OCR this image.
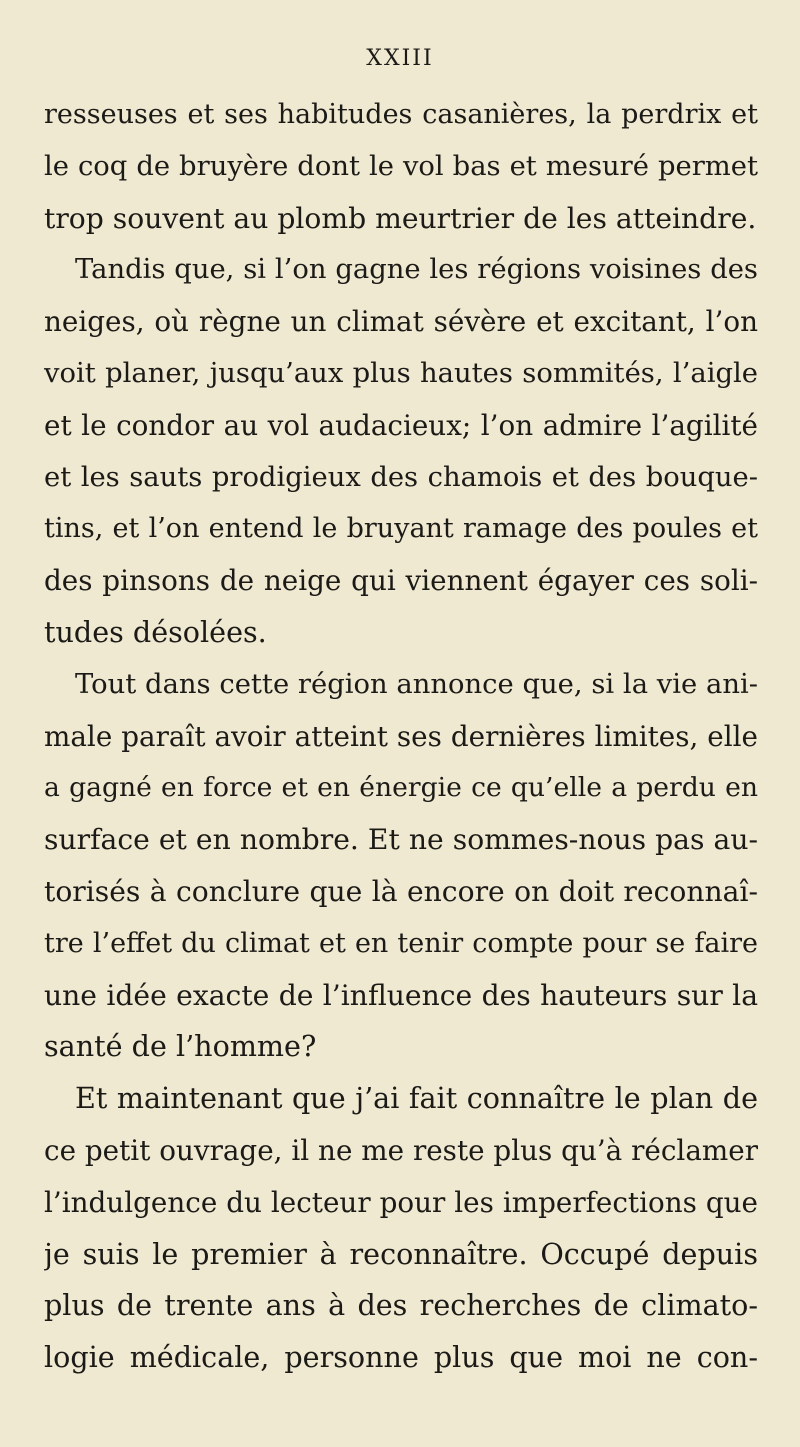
XXIII
resseuses et ses habitudes casanières, la perdrix et
le coq de bruyère dont le vol bas et mesuré permet
trop souvent au plomb meurtrier de les atteindre.
Tandis que, si l’on gagne les régions voisines des
neiges, où règne un climat sévère et excitant, l’on
voit planer, jusqu’aux plus hautes sommités, l’aigle
et le condor au vol audacieux; l’on admire l’agilité
et les sauts prodigieux des chamois et des bouque-
tins, et l’on entend le bruyant ramage des poules et
des pinsons de neige qui viennent égayer ces soli-
tudes désolées.
Tout dans cette région annonce que, si la vie ani-
male paraît avoir atteint ses dernières limites, elle
a gagné en force et en énergie ce qu’elle a perdu en
surface et en nombre. Et ne sommes-nous pas au-
torisés à conclure que là encore on doit reconnaî-
tre l’effet du climat et en tenir compte pour se faire
une idée exacte de l’influence des hauteurs sur la
santé de l’homme?
Et maintenant que j’ai fait connaître le plan de
ce petit ouvrage, il ne me reste plus qu’à réclamer
l’indulgence du lecteur pour les imperfections que
je suis le premier à reconnaître. Occupé depuis
plus de trente ans à des recherches de climato-
logie médicale, personne plus que moi ne con-
